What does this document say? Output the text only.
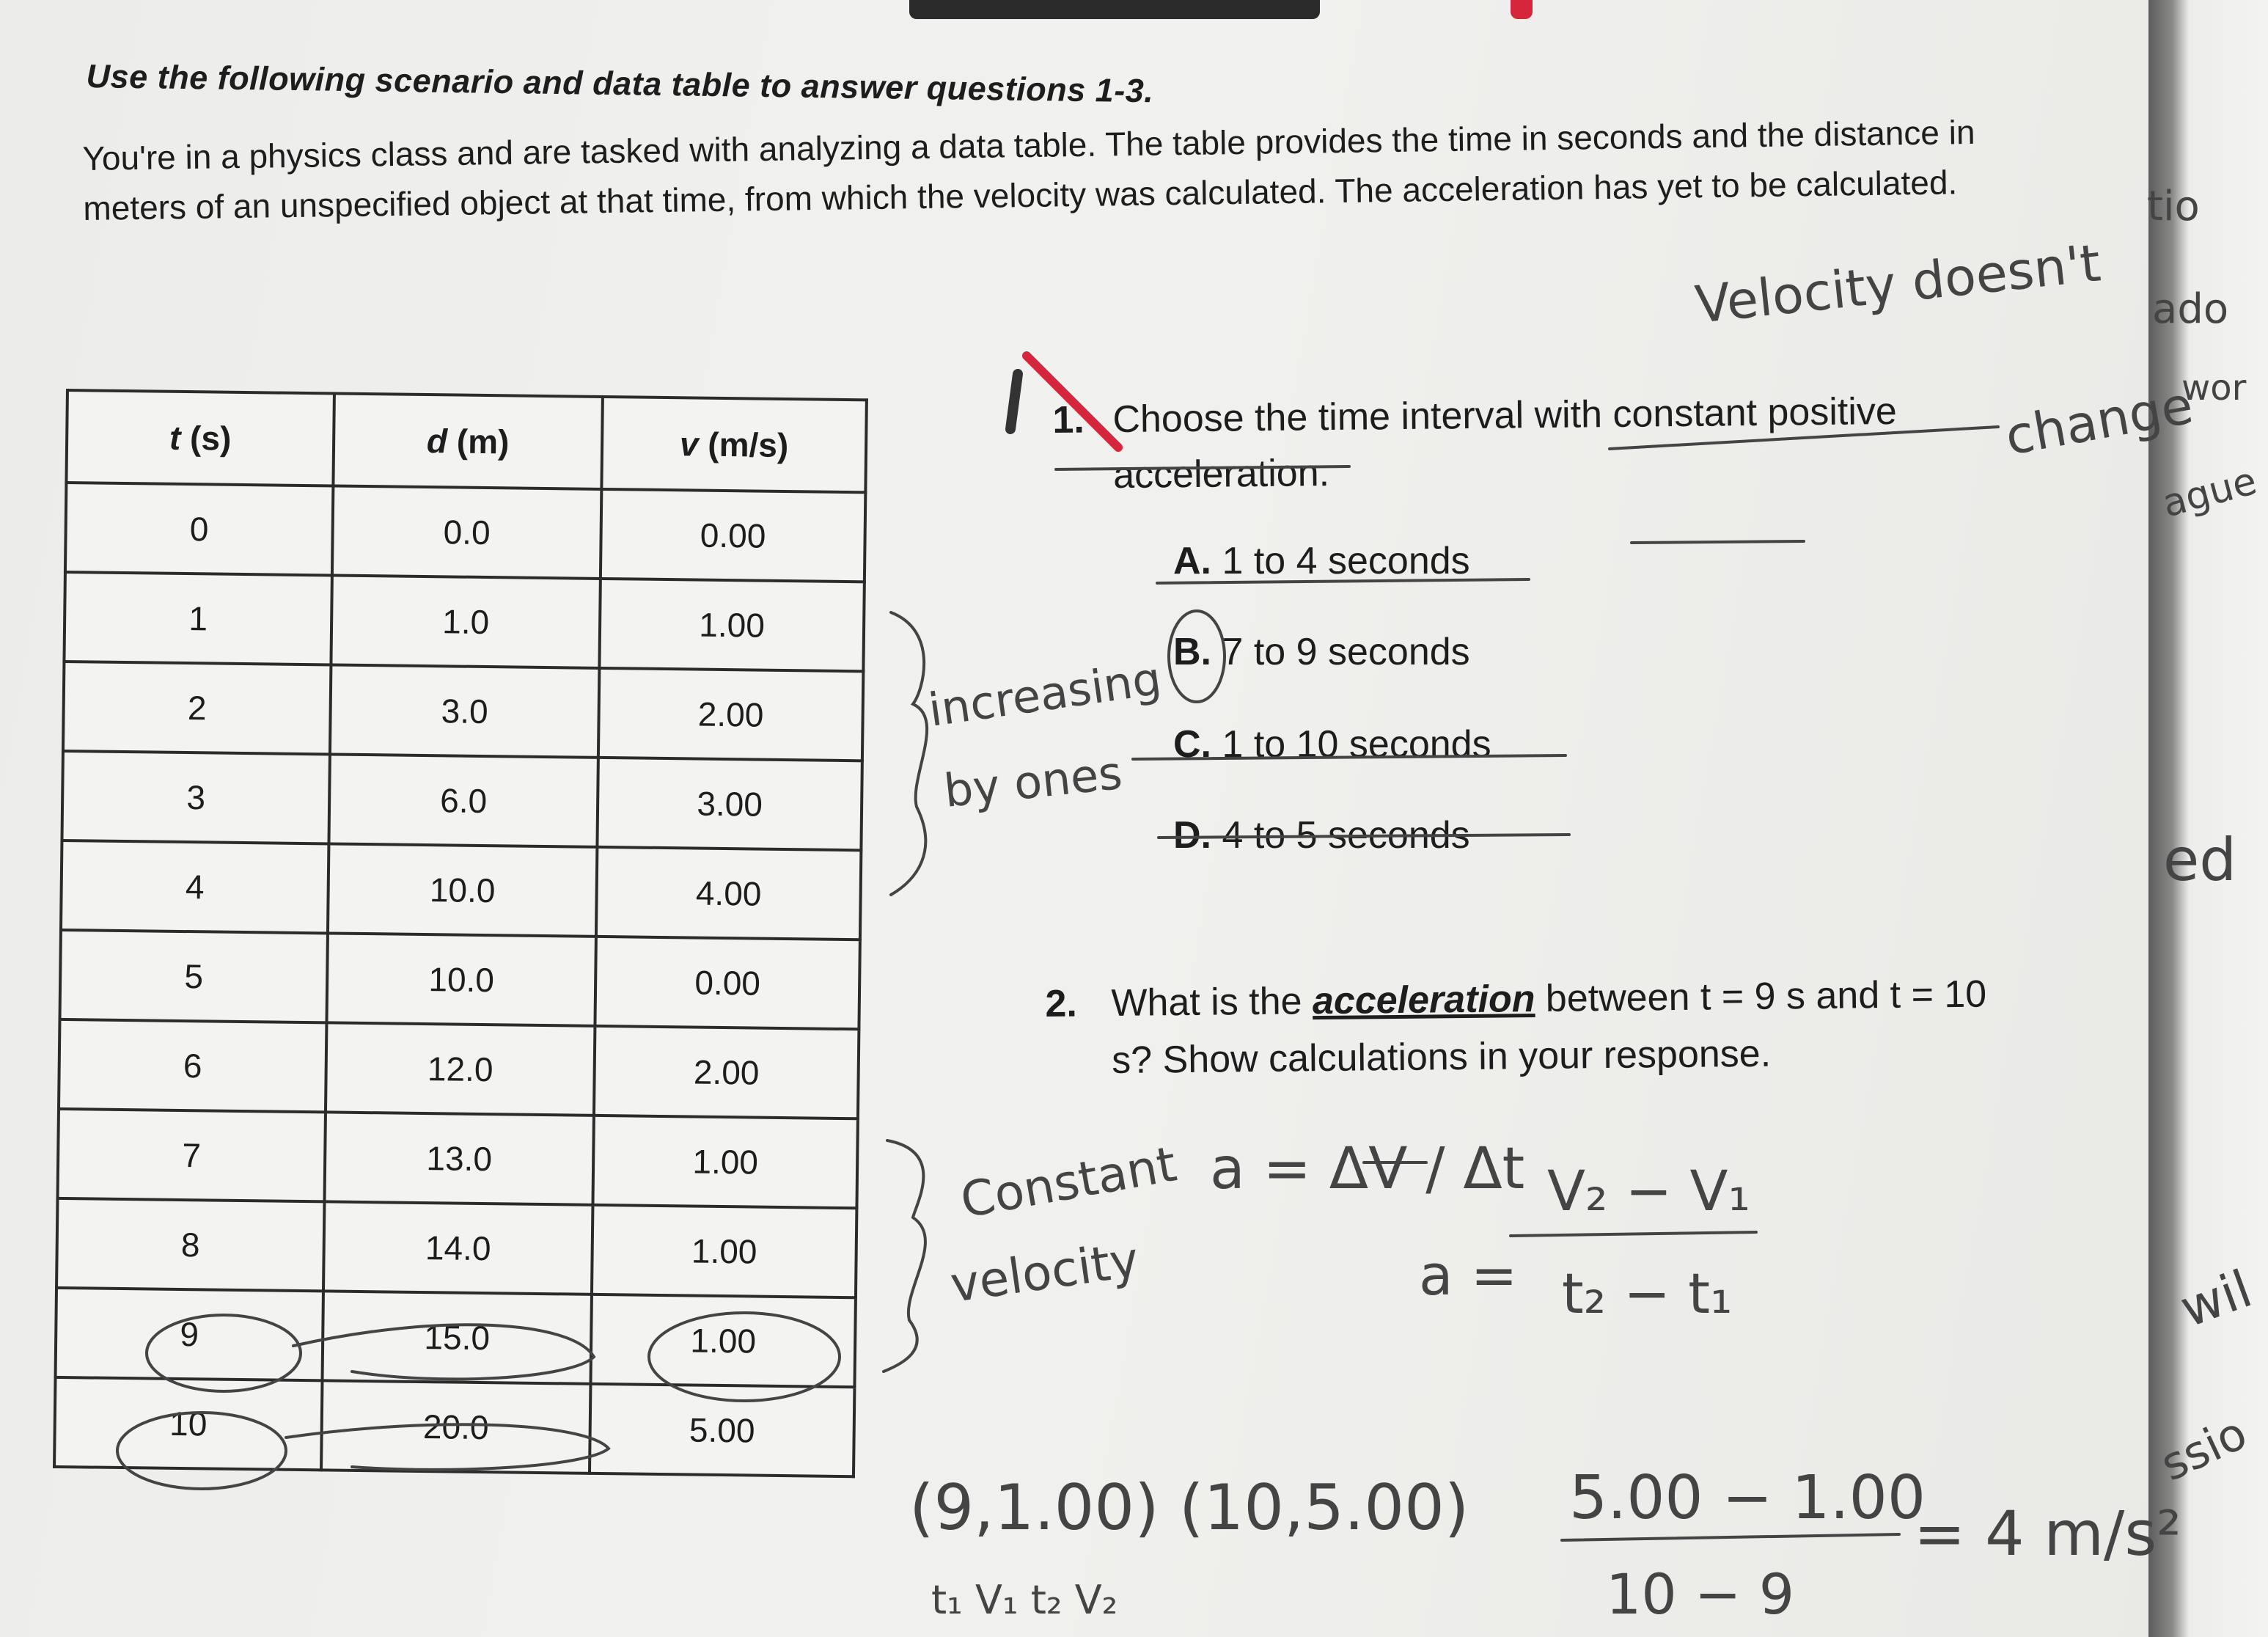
Use the following scenario and data table to answer questions 1-3.
You're in a physics class and are tasked with analyzing a data table. The table provides the time in seconds and the distance in meters of an unspecified object at that time, from which the velocity was calculated. The acceleration has yet to be calculated.
t (s)	d (m)	v (m/s)
0	0.0	0.00
1	1.0	1.00
2	3.0	2.00
3	6.0	3.00
4	10.0	4.00
5	10.0	0.00
6	12.0	2.00
7	13.0	1.00
8	14.0	1.00
9	15.0	1.00
10	20.0	5.00
1. Choose the time interval with constant positive acceleration.
A. 1 to 4 seconds
B. 7 to 9 seconds
C. 1 to 10 seconds
D. 4 to 5 seconds
2. What is the acceleration between t = 9 s and t = 10 s? Show calculations in your response.
Velocity doesn't
change
increasing
by ones
Constant
velocity
a = ΔV / Δt V₂ − V₁
a = t₂ − t₁
(9,1.00) (10,5.00)
t₁ V₁ t₂ V₂
5.00 − 1.00
10 − 9
= 4 m/s²
tio
ado
wor
ague
ed
wil
ssio
